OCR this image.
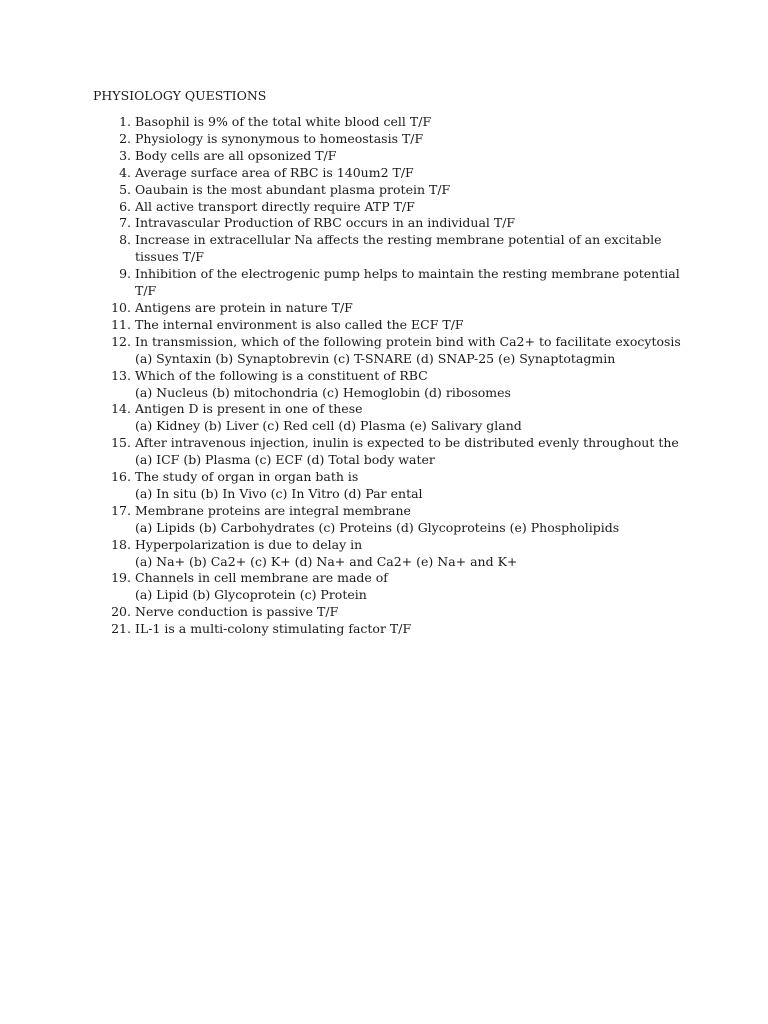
PHYSIOLOGY QUESTIONS
1. Basophil is 9% of the total white blood cell T/F
2. Physiology is synonymous to homeostasis T/F
3. Body cells are all opsonized T/F
4. Average surface area of RBC is 140um2 T/F
5. Oaubain is the most abundant plasma protein T/F
6. All active transport directly require ATP T/F
7. Intravascular Production of RBC occurs in an individual T/F
8. Increase in extracellular Na affects the resting membrane potential of an excitable
tissues T/F
9. Inhibition of the electrogenic pump helps to maintain the resting membrane potential
T/F
10. Antigens are protein in nature T/F
11. The internal environment is also called the ECF T/F
12. In transmission, which of the following protein bind with Ca2+ to facilitate exocytosis
(a) Syntaxin (b) Synaptobrevin (c) T-SNARE (d) SNAP-25 (e) Synaptotagmin
13. Which of the following is a constituent of RBC
(a) Nucleus (b) mitochondria (c) Hemoglobin (d) ribosomes
14. Antigen D is present in one of these
(a) Kidney (b) Liver (c) Red cell (d) Plasma (e) Salivary gland
15. After intravenous injection, inulin is expected to be distributed evenly throughout the
(a) ICF (b) Plasma (c) ECF (d) Total body water
16. The study of organ in organ bath is
(a) In situ (b) In Vivo (c) In Vitro (d) Par ental
17. Membrane proteins are integral membrane
(a) Lipids (b) Carbohydrates (c) Proteins (d) Glycoproteins (e) Phospholipids
18. Hyperpolarization is due to delay in
(a) Na+ (b) Ca2+ (c) K+ (d) Na+ and Ca2+ (e) Na+ and K+
19. Channels in cell membrane are made of
(a) Lipid (b) Glycoprotein (c) Protein
20. Nerve conduction is passive T/F
21. IL-1 is a multi-colony stimulating factor T/F
